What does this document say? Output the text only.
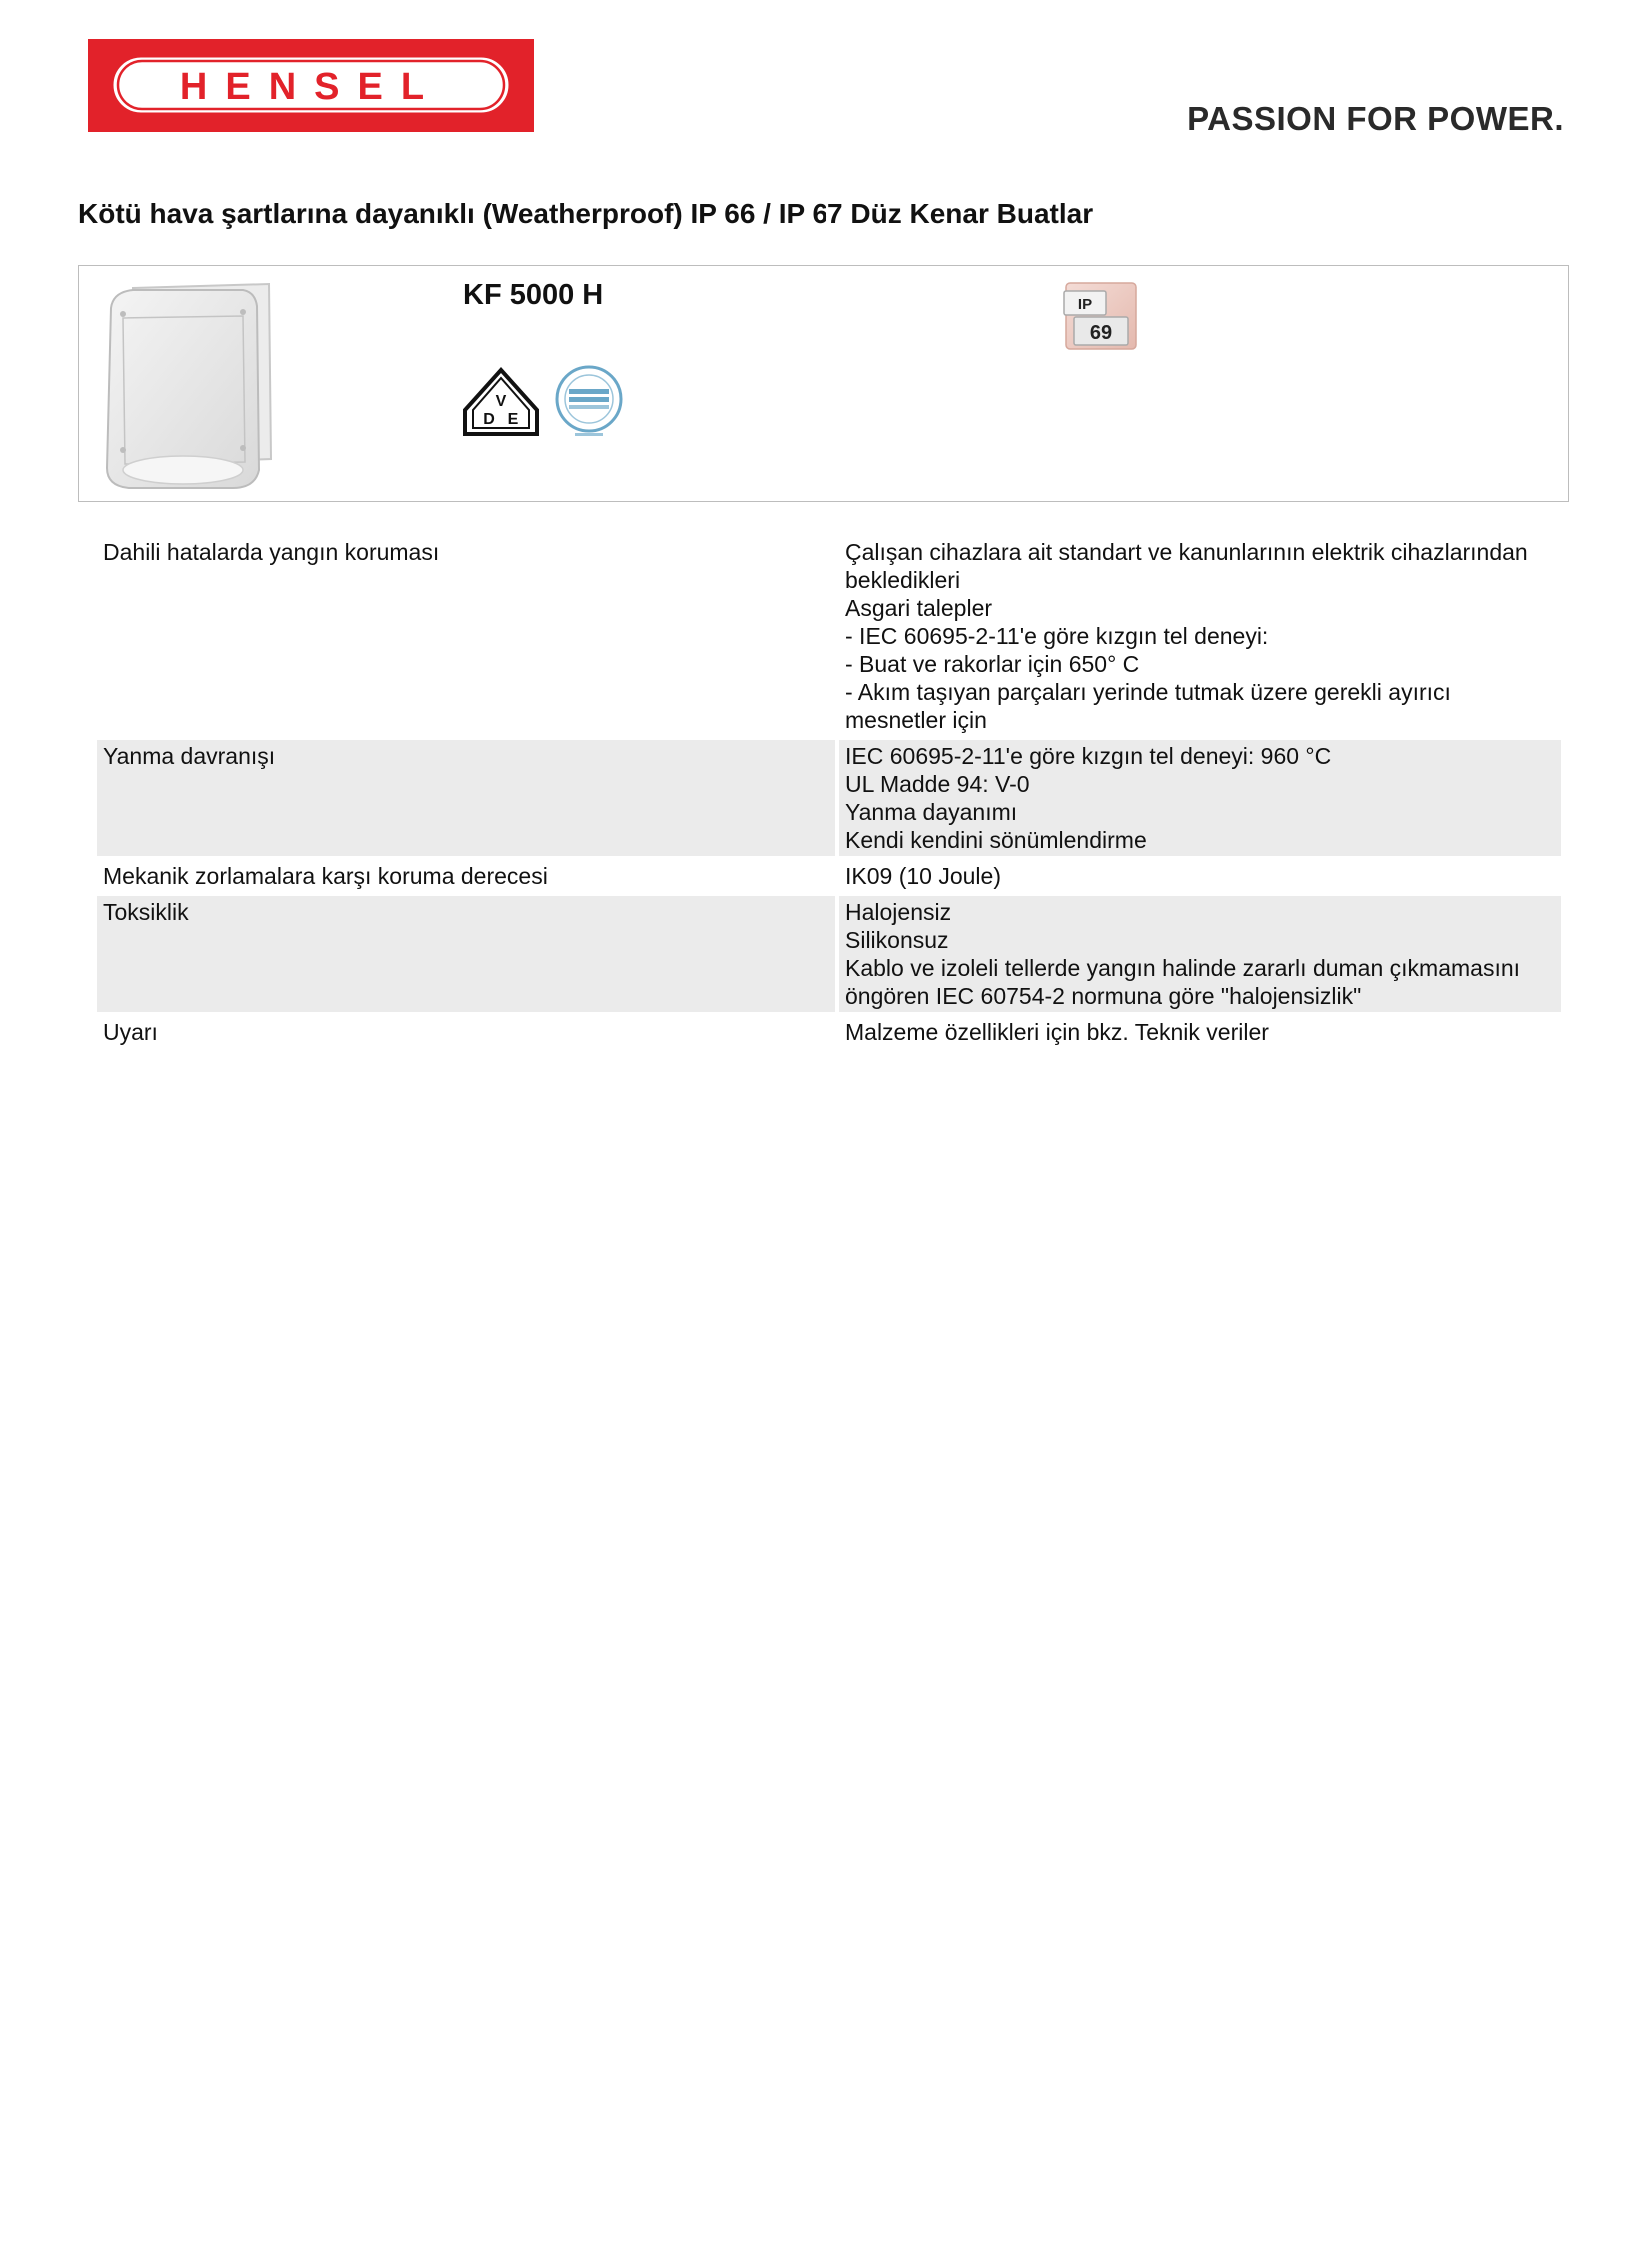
HENSEL
PASSION FOR POWER.
Kötü hava şartlarına dayanıklı (Weatherproof) IP 66 / IP 67 Düz Kenar Buatlar
KF 5000 H
V
D E
IP
69
Dahili hatalarda yangın koruması	Çalışan cihazlara ait standart ve kanunlarının elektrik cihazlarından bekledikleri
Asgari talepler
- IEC 60695-2-11'e göre kızgın tel deneyi:
- Buat ve rakorlar için 650° C
- Akım taşıyan parçaları yerinde tutmak üzere gerekli ayırıcı mesnetler için

Yanma davranışı	IEC 60695-2-11'e göre kızgın tel deneyi: 960 °C
UL Madde 94: V-0
Yanma dayanımı
Kendi kendini sönümlendirme

Mekanik zorlamalara karşı koruma derecesi	IK09 (10 Joule)

Toksiklik	Halojensiz
Silikonsuz
Kablo ve izoleli tellerde yangın halinde zararlı duman çıkmamasını öngören IEC 60754-2 normuna göre "halojensizlik"

Uyarı	Malzeme özellikleri için bkz. Teknik veriler
